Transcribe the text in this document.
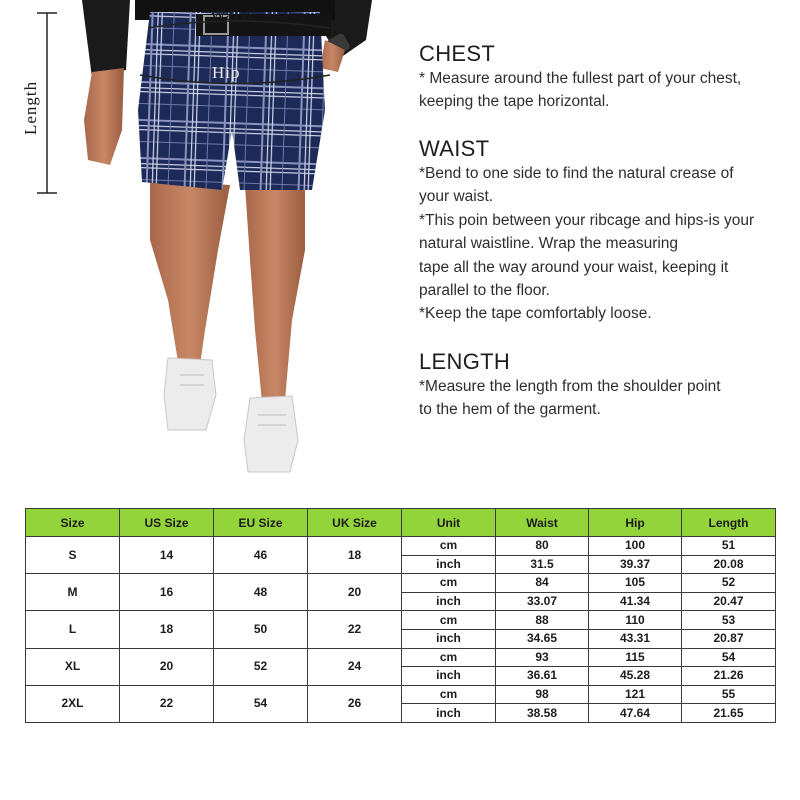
Waist
Hip
Length
CHEST

* Measure around the fullest part of your chest,

keeping the tape horizontal.

WAIST

*Bend to one side to find the natural crease of

your waist.

*This poin between your ribcage and hips-is your

natural waistline. Wrap the measuring

tape all the way around your waist, keeping it

parallel to the floor.

*Keep the tape comfortably loose.

LENGTH

*Measure the length from the shoulder point

to the hem of the garment.

Size	US Size	EU Size	UK Size	Unit	Waist	Hip	Length
S	14	46	18	cm	80	100	51
				inch	31.5	39.37	20.08
M	16	48	20	cm	84	105	52
				inch	33.07	41.34	20.47
L	18	50	22	cm	88	110	53
				inch	34.65	43.31	20.87
XL	20	52	24	cm	93	115	54
				inch	36.61	45.28	21.26
2XL	22	54	26	cm	98	121	55
				inch	38.58	47.64	21.65
